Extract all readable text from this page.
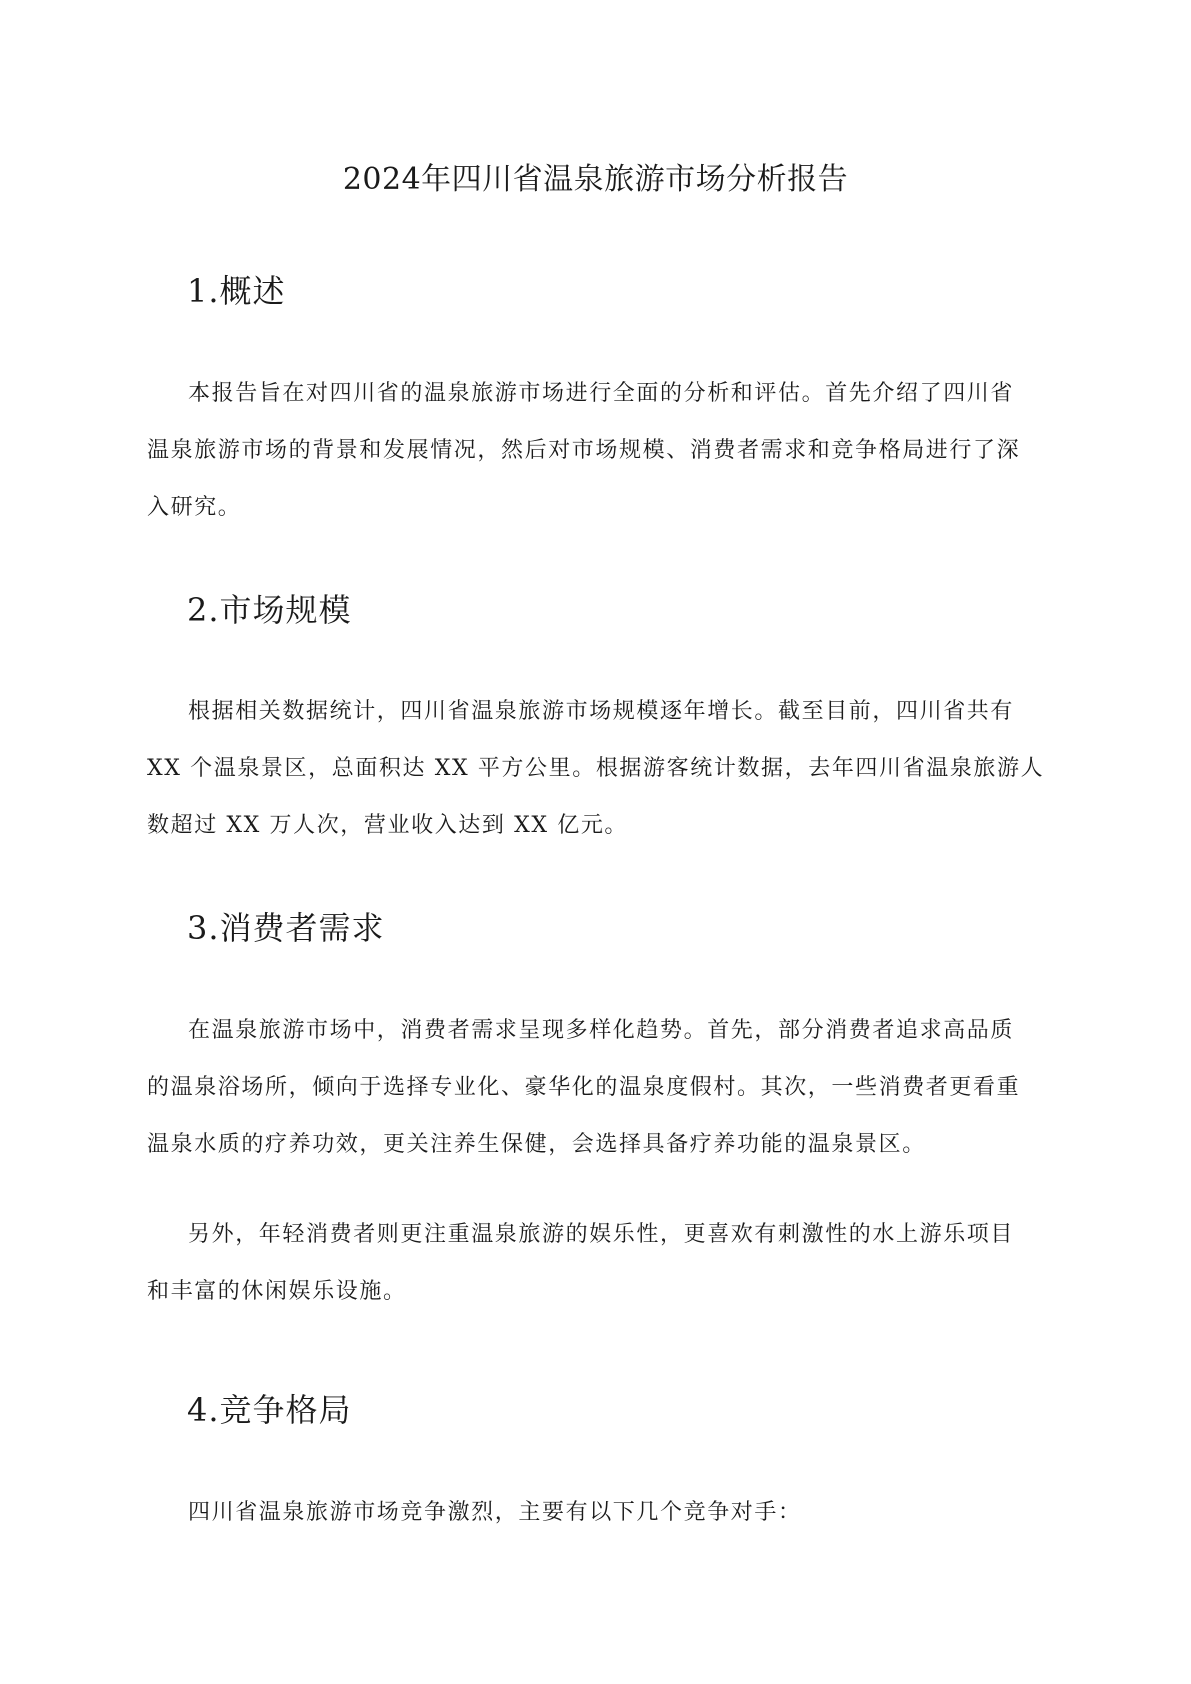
2024年四川省温泉旅游市场分析报告
1.概述

本报告旨在对四川省的温泉旅游市场进行全面的分析和评估。首先介绍了四川省
温泉旅游市场的背景和发展情况，然后对市场规模、消费者需求和竞争格局进行了深
入研究。

2.市场规模

根据相关数据统计，四川省温泉旅游市场规模逐年增长。截至目前，四川省共有
XX 个温泉景区，总面积达 XX 平方公里。根据游客统计数据，去年四川省温泉旅游人
数超过 XX 万人次，营业收入达到 XX 亿元。

3.消费者需求

在温泉旅游市场中，消费者需求呈现多样化趋势。首先，部分消费者追求高品质
的温泉浴场所，倾向于选择专业化、豪华化的温泉度假村。其次，一些消费者更看重
温泉水质的疗养功效，更关注养生保健，会选择具备疗养功能的温泉景区。

另外，年轻消费者则更注重温泉旅游的娱乐性，更喜欢有刺激性的水上游乐项目
和丰富的休闲娱乐设施。

4.竞争格局

四川省温泉旅游市场竞争激烈，主要有以下几个竞争对手：
